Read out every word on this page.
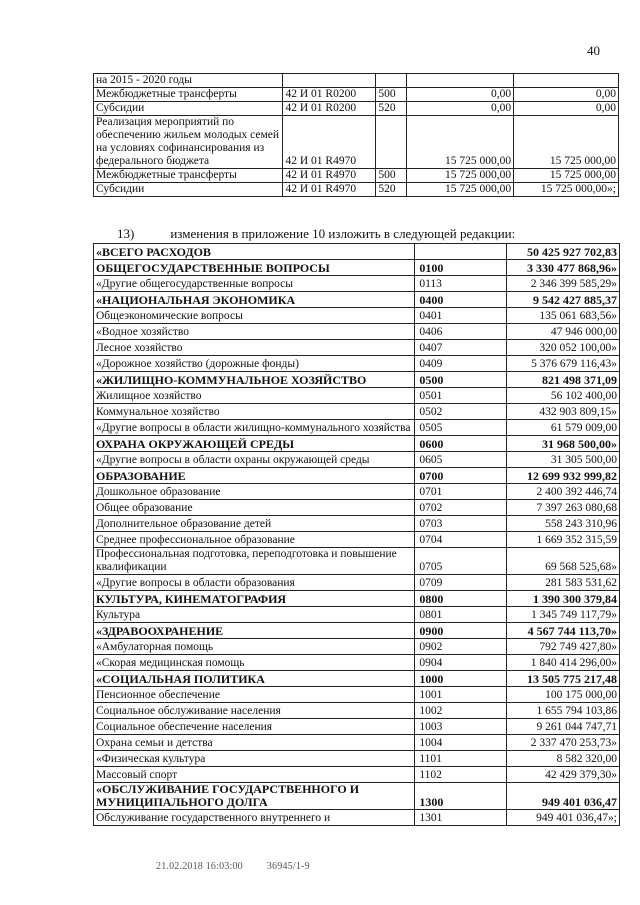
40
на 2015 - 2020 годы				
Межбюджетные трансферты	42 И 01 R0200	500	0,00	0,00
Субсидии	42 И 01 R0200	520	0,00	0,00
Реализация мероприятий по обеспечению жильем молодых семей на условиях софинансирования из федерального бюджета	42 И 01 R4970		15 725 000,00	15 725 000,00
Межбюджетные трансферты	42 И 01 R4970	500	15 725 000,00	15 725 000,00
Субсидии	42 И 01 R4970	520	15 725 000,00	15 725 000,00»;
13)	изменения в приложение 10 изложить в следующей редакции:
«ВСЕГО РАСХОДОВ		50 425 927 702,83
ОБЩЕГОСУДАРСТВЕННЫЕ ВОПРОСЫ	0100	3 330 477 868,96»
«Другие общегосударственные вопросы	0113	2 346 399 585,29»
«НАЦИОНАЛЬНАЯ ЭКОНОМИКА	0400	9 542 427 885,37
Общеэкономические вопросы	0401	135 061 683,56»
«Водное хозяйство	0406	47 946 000,00
Лесное хозяйство	0407	320 052 100,00»
«Дорожное хозяйство (дорожные фонды)	0409	5 376 679 116,43»
«ЖИЛИЩНО-КОММУНАЛЬНОЕ ХОЗЯЙСТВО	0500	821 498 371,09
Жилищное хозяйство	0501	56 102 400,00
Коммунальное хозяйство	0502	432 903 809,15»
«Другие вопросы в области жилищно-коммунального хозяйства	0505	61 579 009,00
ОХРАНА ОКРУЖАЮЩЕЙ СРЕДЫ	0600	31 968 500,00»
«Другие вопросы в области охраны окружающей среды	0605	31 305 500,00
ОБРАЗОВАНИЕ	0700	12 699 932 999,82
Дошкольное образование	0701	2 400 392 446,74
Общее образование	0702	7 397 263 080,68
Дополнительное образование детей	0703	558 243 310,96
Среднее профессиональное образование	0704	1 669 352 315,59
Профессиональная подготовка, переподготовка и повышение квалификации	0705	69 568 525,68»
«Другие вопросы в области образования	0709	281 583 531,62
КУЛЬТУРА, КИНЕМАТОГРАФИЯ	0800	1 390 300 379,84
Культура	0801	1 345 749 117,79»
«ЗДРАВООХРАНЕНИЕ	0900	4 567 744 113,70»
«Амбулаторная помощь	0902	792 749 427,80»
«Скорая медицинская помощь	0904	1 840 414 296,00»
«СОЦИАЛЬНАЯ ПОЛИТИКА	1000	13 505 775 217,48
Пенсионное обеспечение	1001	100 175 000,00
Социальное обслуживание населения	1002	1 655 794 103,86
Социальное обеспечение населения	1003	9 261 044 747,71
Охрана семьи и детства	1004	2 337 470 253,73»
«Физическая культура	1101	8 582 320,00
Массовый спорт	1102	42 429 379,30»
«ОБСЛУЖИВАНИЕ ГОСУДАРСТВЕННОГО И МУНИЦИПАЛЬНОГО ДОЛГА	1300	949 401 036,47
Обслуживание государственного внутреннего и	1301	949 401 036,47»;
21.02.2018 16:03:00 36945/1-9
